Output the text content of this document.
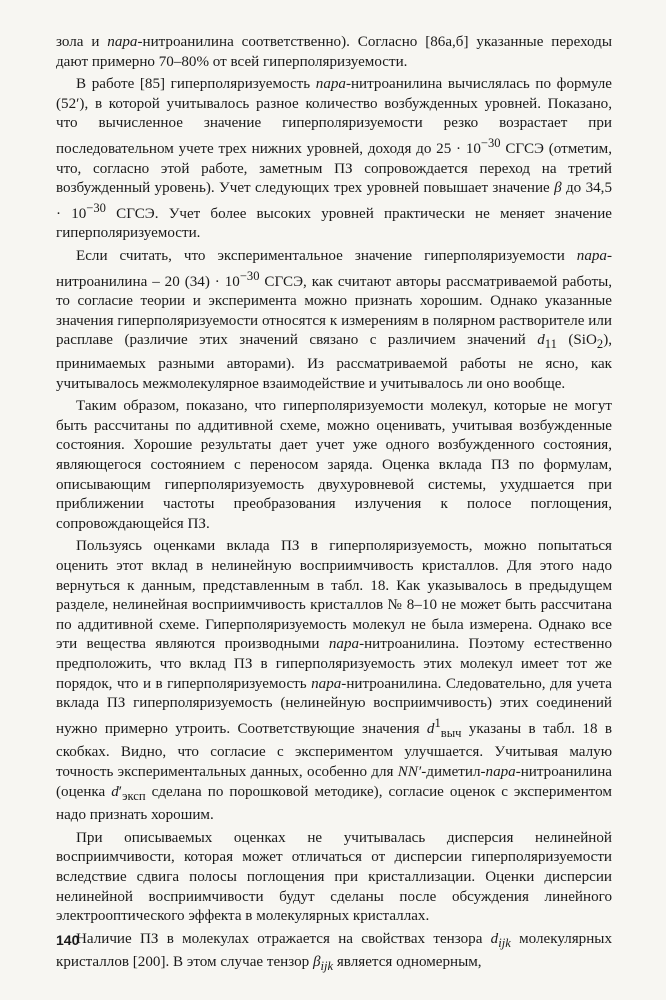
зола и пара-нитроанилина соответственно). Согласно [86а,б] указанные переходы дают примерно 70–80% от всей гиперполяризуемости.

В работе [85] гиперполяризуемость пара-нитроанилина вычислялась по формуле (52′), в которой учитывалось разное количество возбужденных уровней. Показано, что вычисленное значение гиперполяризуемости резко возрастает при последовательном учете трех нижних уровней, доходя до $25 \cdot 10^{-30}$ СГСЭ (отметим, что, согласно этой работе, заметным ПЗ сопровождается переход на третий возбужденный уровень). Учет следующих трех уровней повышает значение β до $34,5 \cdot 10^{-30}$ СГСЭ. Учет более высоких уровней практически не меняет значение гиперполяризуемости.

Если считать, что экспериментальное значение гиперполяризуемости пара-нитроанилина – 20 $(34) \cdot 10^{-30}$ СГСЭ, как считают авторы рассматриваемой работы, то согласие теории и эксперимента можно признать хорошим. Однако указанные значения гиперполяризуемости относятся к измерениям в полярном растворителе или расплаве (различие этих значений связано с различием значений $d_{11}$ (SiO$_2$), принимаемых разными авторами). Из рассматриваемой работы не ясно, как учитывалось межмолекулярное взаимодействие и учитывалось ли оно вообще.

Таким образом, показано, что гиперполяризуемости молекул, которые не могут быть рассчитаны по аддитивной схеме, можно оценивать, учитывая возбужденные состояния. Хорошие результаты дает учет уже одного возбужденного состояния, являющегося состоянием с переносом заряда. Оценка вклада ПЗ по формулам, описывающим гиперполяризуемость двухуровневой системы, ухудшается при приближении частоты преобразования излучения к полосе поглощения, сопровождающейся ПЗ.

Пользуясь оценками вклада ПЗ в гиперполяризуемость, можно попытаться оценить этот вклад в нелинейную восприимчивость кристаллов. Для этого надо вернуться к данным, представленным в табл. 18. Как указывалось в предыдущем разделе, нелинейная восприимчивость кристаллов № 8–10 не может быть рассчитана по аддитивной схеме. Гиперполяризуемость молекул не была измерена. Однако все эти вещества являются производными пара-нитроанилина. Поэтому естественно предположить, что вклад ПЗ в гиперполяризуемость этих молекул имеет тот же порядок, что и в гиперполяризуемость пара-нитроанилина. Следовательно, для учета вклада ПЗ гиперполяризуемость (нелинейную восприимчивость) этих соединений нужно примерно утроить. Соответствующие значения $d^1_{выч}$ указаны в табл. 18 в скобках. Видно, что согласие с экспериментом улучшается. Учитывая малую точность экспериментальных данных, особенно для NN′-диметил-пара-нитроанилина (оценка $d'_{эксп}$ сделана по порошковой методике), согласие оценок с экспериментом надо признать хорошим.

При описываемых оценках не учитывалась дисперсия нелинейной восприимчивости, которая может отличаться от дисперсии гиперполяризуемости вследствие сдвига полосы поглощения при кристаллизации. Оценки дисперсии нелинейной восприимчивости будут сделаны после обсуждения линейного электрооптического эффекта в молекулярных кристаллах.

Наличие ПЗ в молекулах отражается на свойствах тензора $d_{ijk}$ молекулярных кристаллов [200]. В этом случае тензор $\beta_{ijk}$ является одномерным,

140
